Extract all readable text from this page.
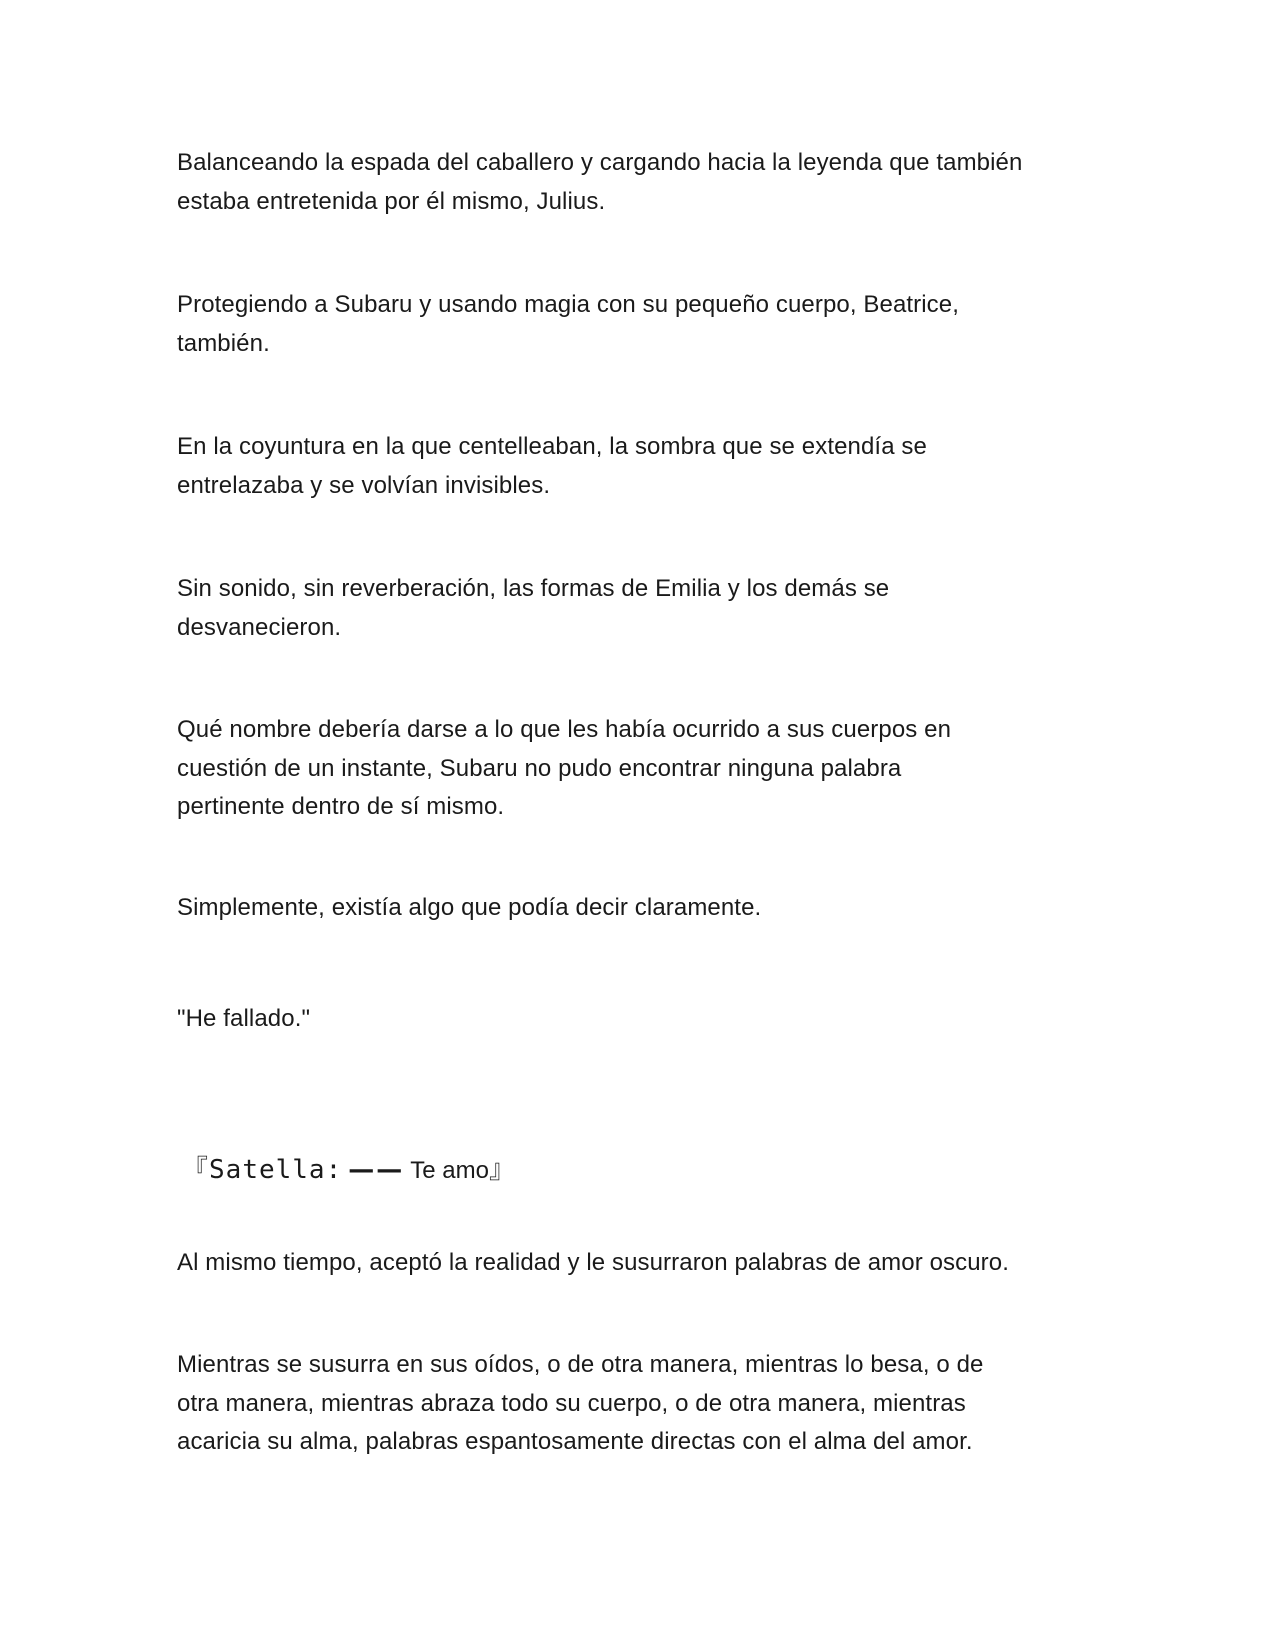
Balanceando la espada del caballero y cargando hacia la leyenda que también
estaba entretenida por él mismo, Julius.

Protegiendo a Subaru y usando magia con su pequeño cuerpo, Beatrice,
también.

En la coyuntura en la que centelleaban, la sombra que se extendía se
entrelazaba y se volvían invisibles.

Sin sonido, sin reverberación, las formas de Emilia y los demás se
desvanecieron.

Qué nombre debería darse a lo que les había ocurrido a sus cuerpos en
cuestión de un instante, Subaru no pudo encontrar ninguna palabra
pertinente dentro de sí mismo.

Simplemente, existía algo que podía decir claramente.

"He fallado."

『Satella: —— Te amo』

Al mismo tiempo, aceptó la realidad y le susurraron palabras de amor oscuro.

Mientras se susurra en sus oídos, o de otra manera, mientras lo besa, o de
otra manera, mientras abraza todo su cuerpo, o de otra manera, mientras
acaricia su alma, palabras espantosamente directas con el alma del amor.
